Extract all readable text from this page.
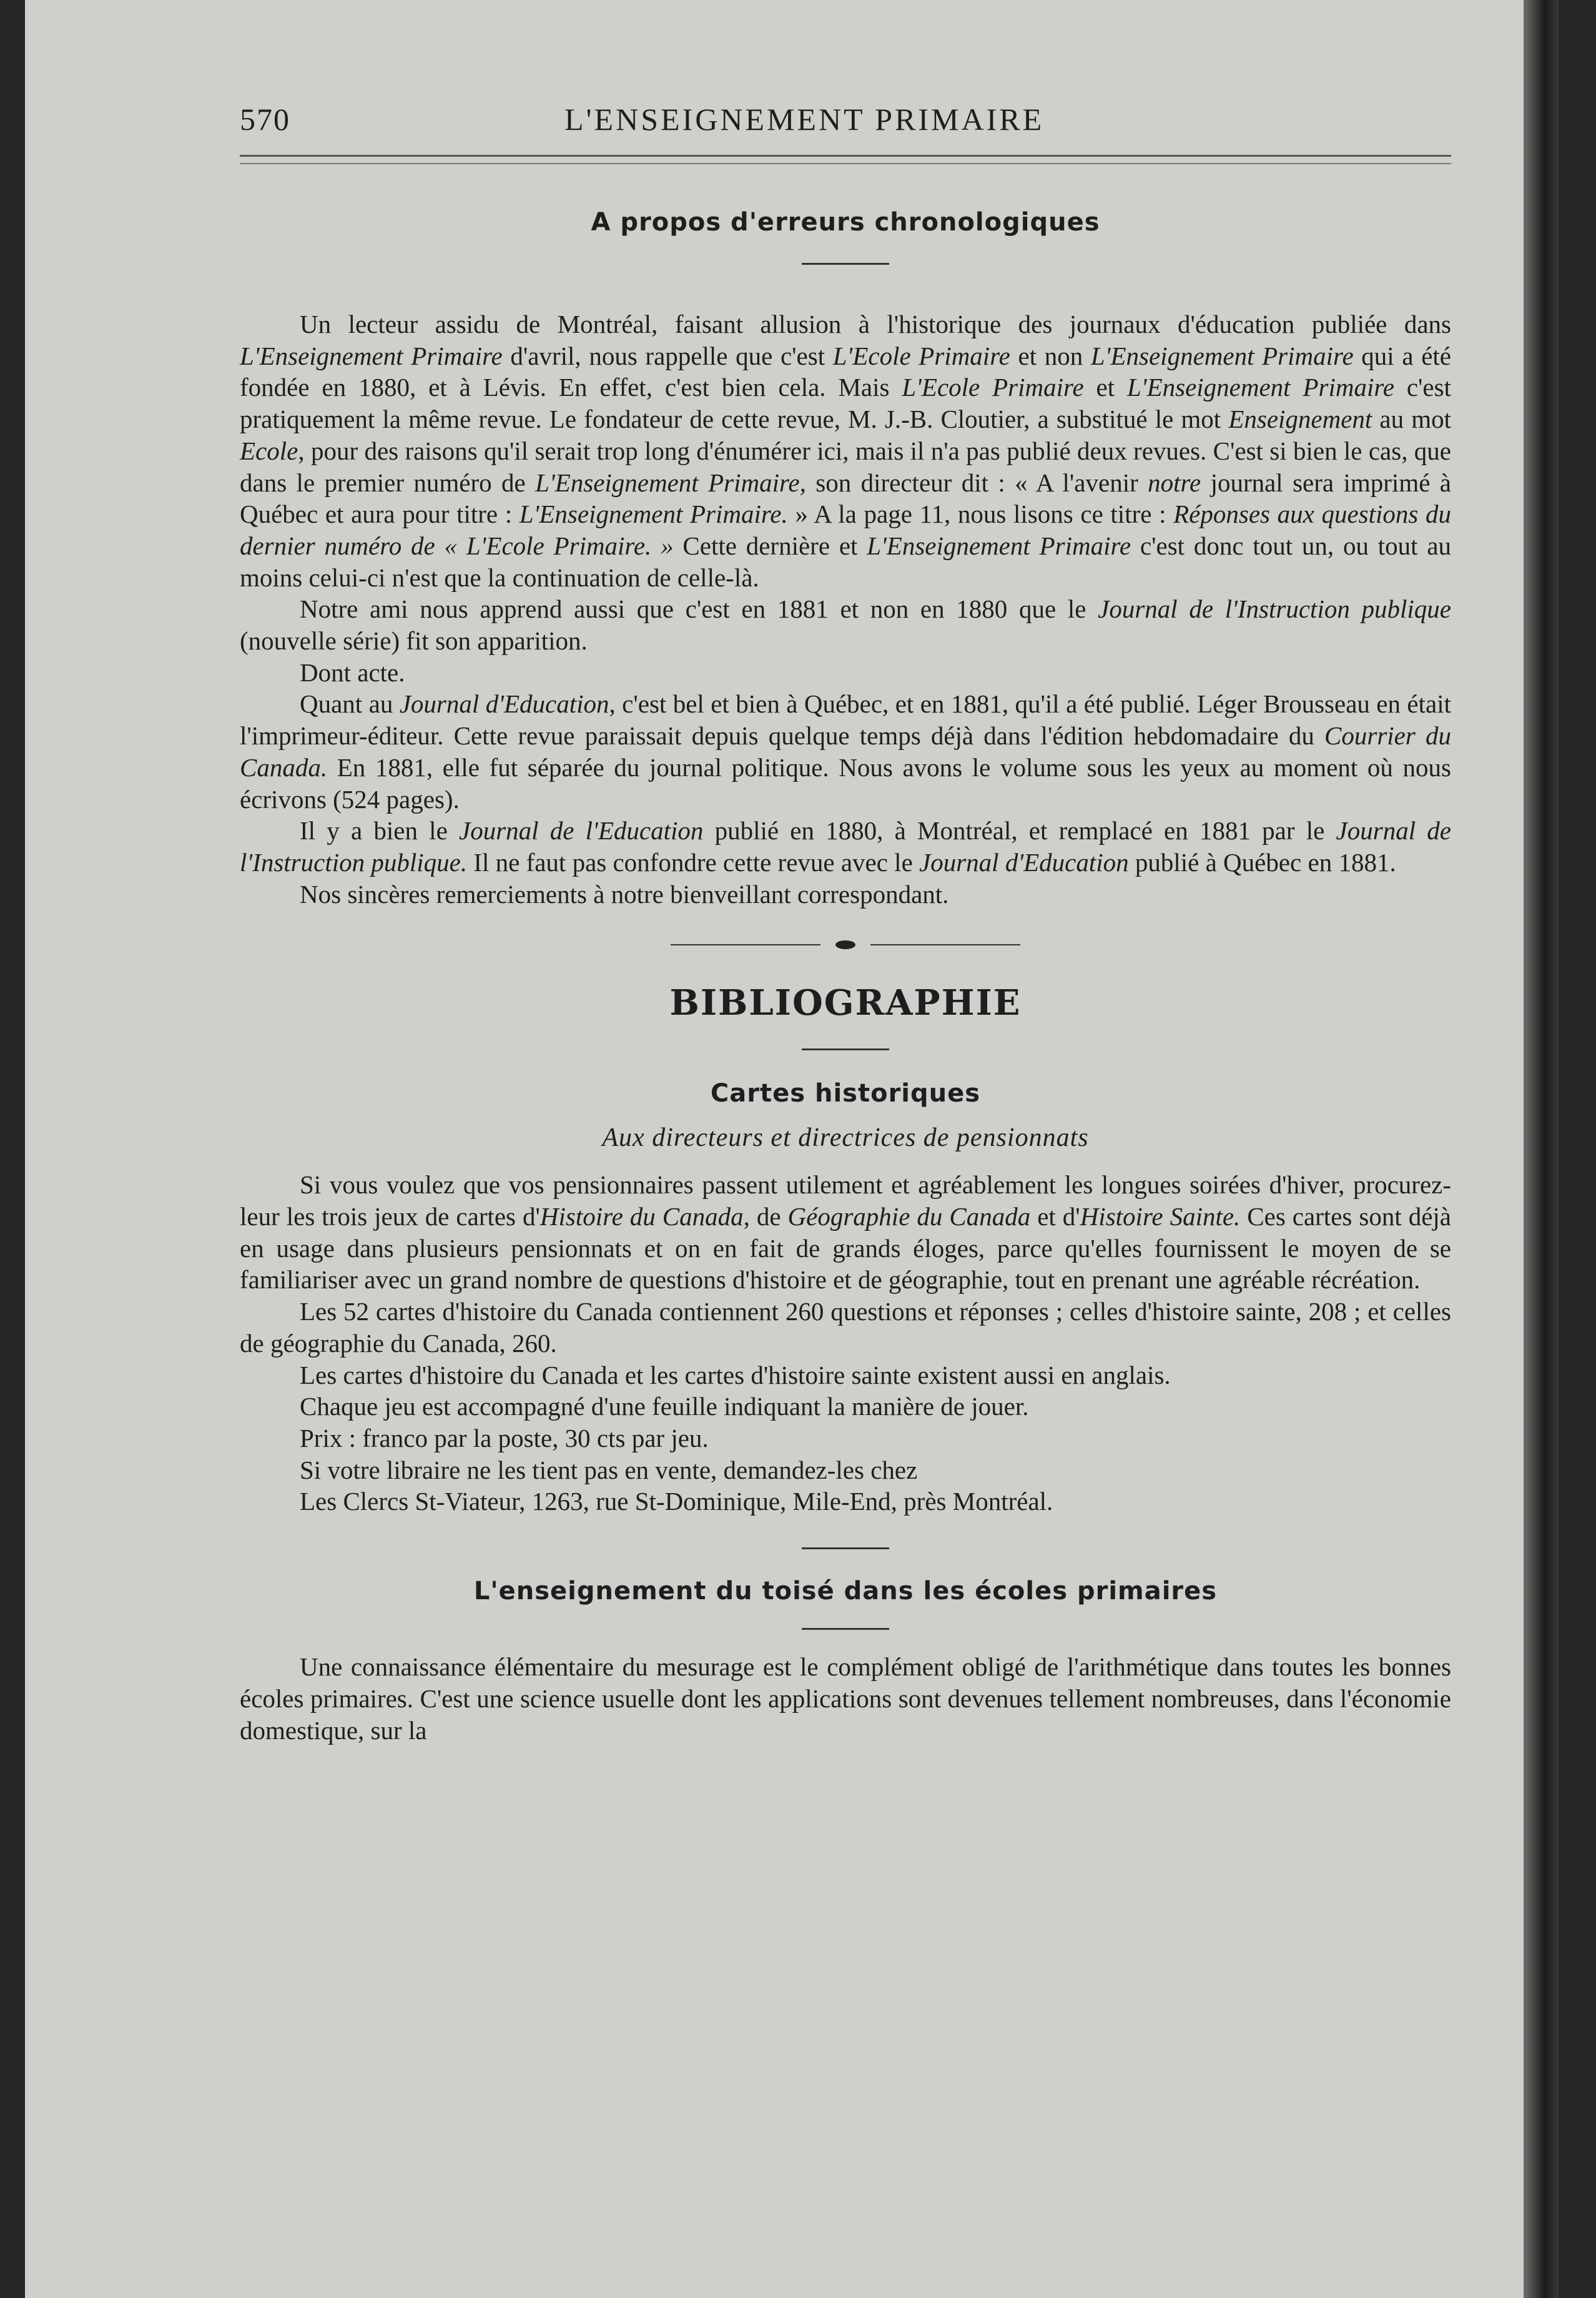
570	L'ENSEIGNEMENT PRIMAIRE
A propos d'erreurs chronologiques

Un lecteur assidu de Montréal, faisant allusion à l'historique des journaux d'éducation publiée dans L'Enseignement Primaire d'avril, nous rappelle que c'est L'Ecole Primaire et non L'Enseignement Primaire qui a été fondée en 1880, et à Lévis. En effet, c'est bien cela. Mais L'Ecole Primaire et L'Enseignement Primaire c'est pratiquement la même revue. Le fondateur de cette revue, M. J.-B. Cloutier, a substitué le mot Enseignement au mot Ecole, pour des raisons qu'il serait trop long d'énumérer ici, mais il n'a pas publié deux revues. C'est si bien le cas, que dans le premier numéro de L'Enseignement Primaire, son directeur dit : « A l'avenir notre journal sera imprimé à Québec et aura pour titre : L'Enseignement Primaire. » A la page 11, nous lisons ce titre : Réponses aux questions du dernier numéro de « L'Ecole Primaire. » Cette dernière et L'Enseignement Primaire c'est donc tout un, ou tout au moins celui-ci n'est que la continuation de celle-là.

Notre ami nous apprend aussi que c'est en 1881 et non en 1880 que le Journal de l'Instruction publique (nouvelle série) fit son apparition.

Dont acte.

Quant au Journal d'Education, c'est bel et bien à Québec, et en 1881, qu'il a été publié. Léger Brousseau en était l'imprimeur-éditeur. Cette revue paraissait depuis quelque temps déjà dans l'édition hebdomadaire du Courrier du Canada. En 1881, elle fut séparée du journal politique. Nous avons le volume sous les yeux au moment où nous écrivons (524 pages).

Il y a bien le Journal de l'Education publié en 1880, à Montréal, et remplacé en 1881 par le Journal de l'Instruction publique. Il ne faut pas confondre cette revue avec le Journal d'Education publié à Québec en 1881.

Nos sincères remerciements à notre bienveillant correspondant.

BIBLIOGRAPHIE
Cartes historiques

Aux directeurs et directrices de pensionnats

Si vous voulez que vos pensionnaires passent utilement et agréablement les longues soirées d'hiver, procurez-leur les trois jeux de cartes d'Histoire du Canada, de Géographie du Canada et d'Histoire Sainte. Ces cartes sont déjà en usage dans plusieurs pensionnats et on en fait de grands éloges, parce qu'elles fournissent le moyen de se familiariser avec un grand nombre de questions d'histoire et de géographie, tout en prenant une agréable récréation.

Les 52 cartes d'histoire du Canada contiennent 260 questions et réponses ; celles d'histoire sainte, 208 ; et celles de géographie du Canada, 260.

Les cartes d'histoire du Canada et les cartes d'histoire sainte existent aussi en anglais.

Chaque jeu est accompagné d'une feuille indiquant la manière de jouer.

Prix : franco par la poste, 30 cts par jeu.

Si votre libraire ne les tient pas en vente, demandez-les chez

Les Clercs St-Viateur, 1263, rue St-Dominique, Mile-End, près Montréal.

L'enseignement du toisé dans les écoles primaires

Une connaissance élémentaire du mesurage est le complément obligé de l'arithmétique dans toutes les bonnes écoles primaires. C'est une science usuelle dont les applications sont devenues tellement nombreuses, dans l'économie domestique, sur la
